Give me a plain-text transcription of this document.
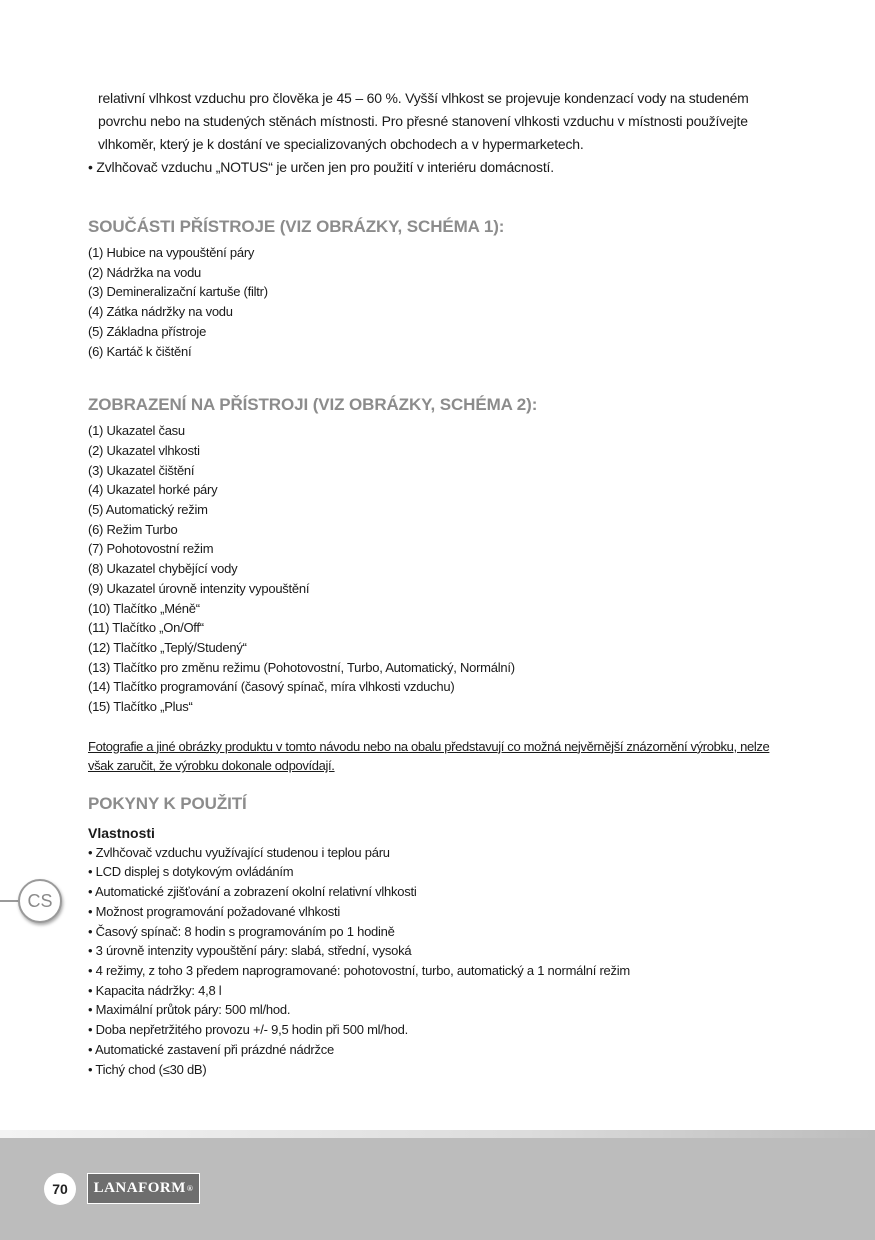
relativní vlhkost vzduchu pro člověka je 45 – 60 %. Vyšší vlhkost se projevuje kondenzací vody na studeném
povrchu nebo na studených stěnách místnosti. Pro přesné stanovení vlhkosti vzduchu v místnosti používejte
vlhkoměr, který je k dostání ve specializovaných obchodech a v hypermarketech.
• Zvlhčovač vzduchu „NOTUS“ je určen jen pro použití v interiéru domácností.
SOUČÁSTI PŘÍSTROJE (VIZ OBRÁZKY, SCHÉMA 1):
(1) Hubice na vypouštění páry
(2) Nádržka na vodu
(3) Demineralizační kartuše (filtr)
(4) Zátka nádržky na vodu
(5) Základna přístroje
(6) Kartáč k čištění
ZOBRAZENÍ NA PŘÍSTROJI (VIZ OBRÁZKY, SCHÉMA 2):
(1) Ukazatel času
(2) Ukazatel vlhkosti
(3) Ukazatel čištění
(4) Ukazatel horké páry
(5) Automatický režim
(6) Režim Turbo
(7) Pohotovostní režim
(8) Ukazatel chybějící vody
(9) Ukazatel úrovně intenzity vypouštění
(10) Tlačítko „Méně“
(11) Tlačítko „On/Off“
(12) Tlačítko „Teplý/Studený“
(13) Tlačítko pro změnu režimu (Pohotovostní, Turbo, Automatický, Normální)
(14) Tlačítko programování (časový spínač, míra vlhkosti vzduchu)
(15) Tlačítko „Plus“
Fotografie a jiné obrázky produktu v tomto návodu nebo na obalu představují co možná nejvěrnější znázornění výrobku, nelze
však zaručit, že výrobku dokonale odpovídají.
POKYNY K POUŽITÍ
Vlastnosti
• Zvlhčovač vzduchu využívající studenou i teplou páru
• LCD displej s dotykovým ovládáním
• Automatické zjišťování a zobrazení okolní relativní vlhkosti
• Možnost programování požadované vlhkosti
• Časový spínač: 8 hodin s programováním po 1 hodině
• 3 úrovně intenzity vypouštění páry: slabá, střední, vysoká
• 4 režimy, z toho 3 předem naprogramované: pohotovostní, turbo, automatický a 1 normální režim
• Kapacita nádržky: 4,8 l
• Maximální průtok páry: 500 ml/hod.
• Doba nepřetržitého provozu +/- 9,5 hodin při 500 ml/hod.
• Automatické zastavení při prázdné nádržce
• Tichý chod (≤30 dB)
CS
70 LANAFORM ®
